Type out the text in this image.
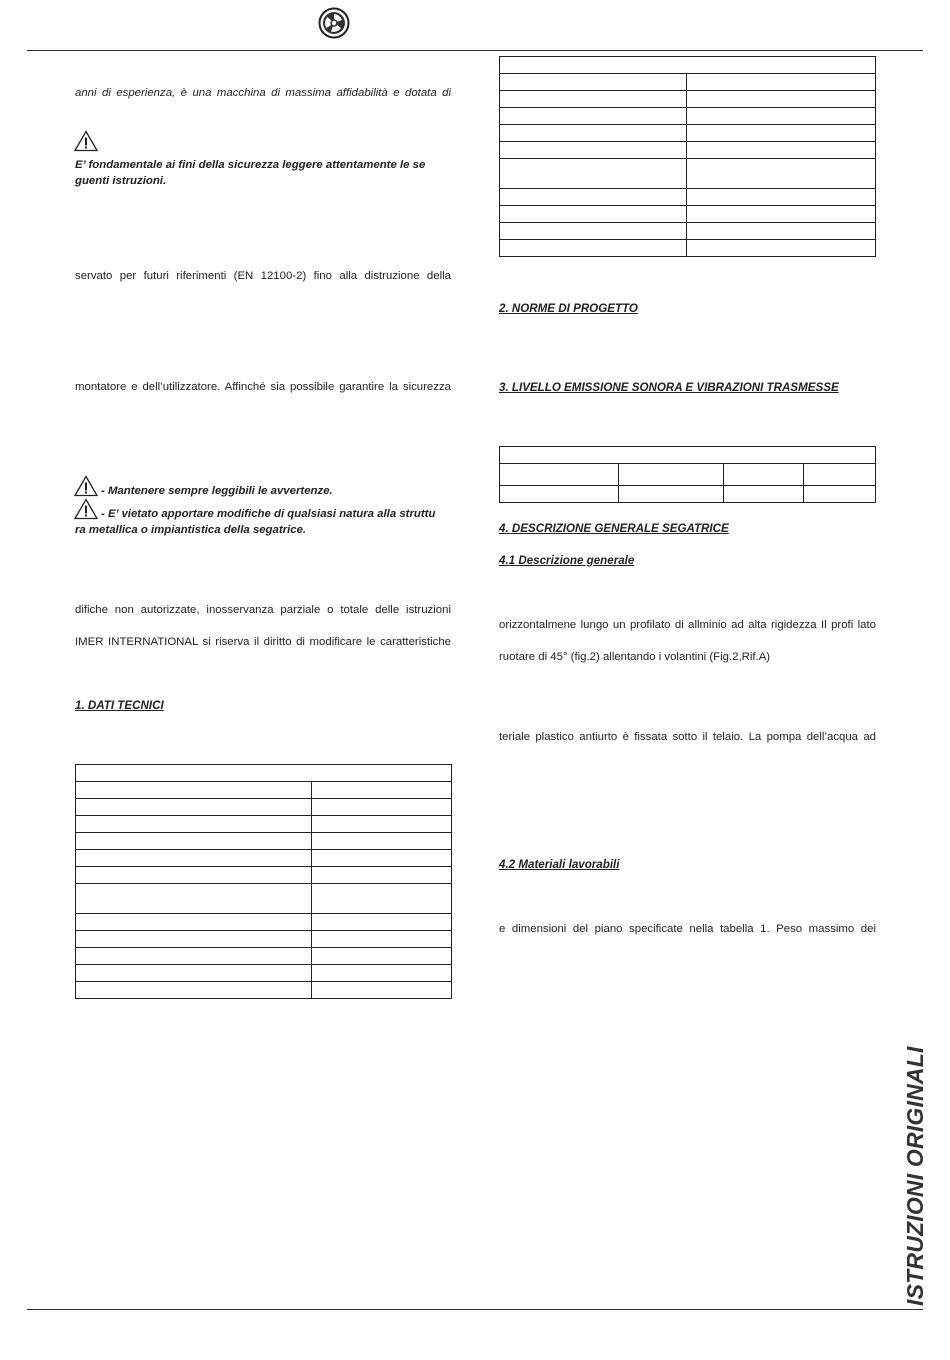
anni di esperienza, è una macchina di massima affidabilità e dotata di
E’ fondamentale ai fini della sicurezza leggere attentamente le se guenti istruzioni.
servato per futuri riferimenti (EN 12100-2) fino alla distruzione della
montatore e dell’utilizzatore. Affinché sia possibile garantire la sicurezza
- Mantenere sempre leggibili le avvertenze.
- E’ vietato apportare modifiche di qualsiasi natura alla struttu
ra metallica o impiantistica della segatrice.
difiche non autorizzate, inosservanza parziale o totale delle istruzioni
IMER INTERNATIONAL si riserva il diritto di modificare le caratteristiche
1. DATI TECNICI

2. NORME DI PROGETTO
3. LIVELLO EMISSIONE SONORA E VIBRAZIONI TRASMESSE

4. DESCRIZIONE GENERALE SEGATRICE
4.1 Descrizione generale
orizzontalmene lungo un profilato di allminio ad alta rigidezza Il profi lato
ruotare di 45° (fig.2) allentando i volantini (Fig.2,Rif.A)
teriale plastico antiurto è fissata sotto il telaio. La pompa dell’acqua ad
4.2 Materiali lavorabili
e dimensioni del piano specificate nella tabella 1. Peso massimo dei
ISTRUZIONI ORIGINALI
